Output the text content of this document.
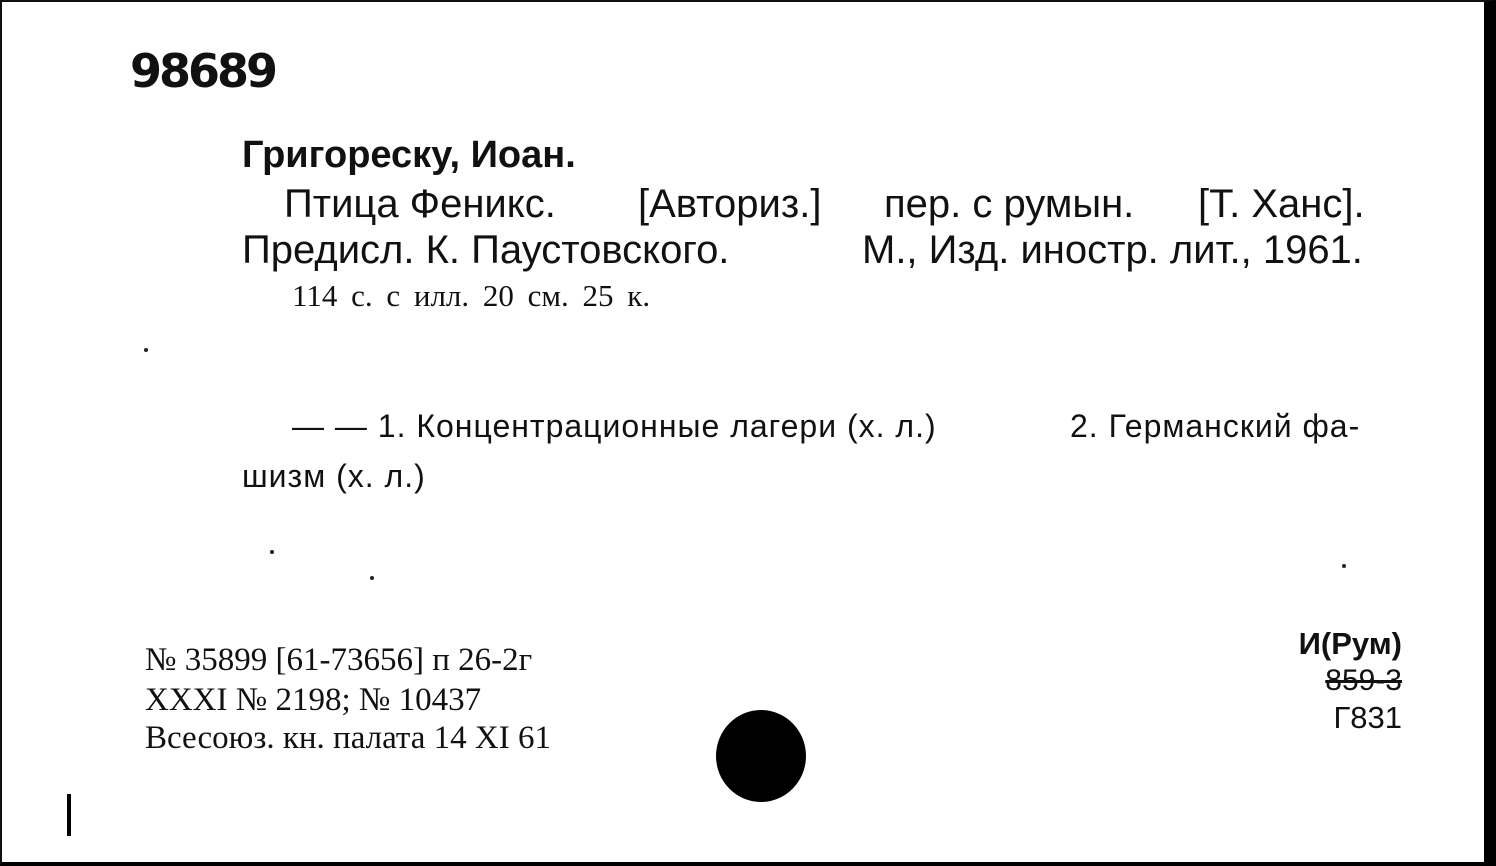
98689
Григореску, Иоан.
Птица Феникс. [Авториз.] пер. с румын. [Т. Ханс].
Предисл. К. Паустовского.	М., Изд. иностр. лит., 1961.
114 с. с илл. 20 см. 25 к.
— — 1. Концентрационные лагери (х. л.)	2. Германский фа-
шизм (х. л.)
№ 35899 [61-73656] п 26-2г
XXXI № 2198; № 10437
Всесоюз. кн. палата 14 XI 61
И(Рум)
859-3
Г831
